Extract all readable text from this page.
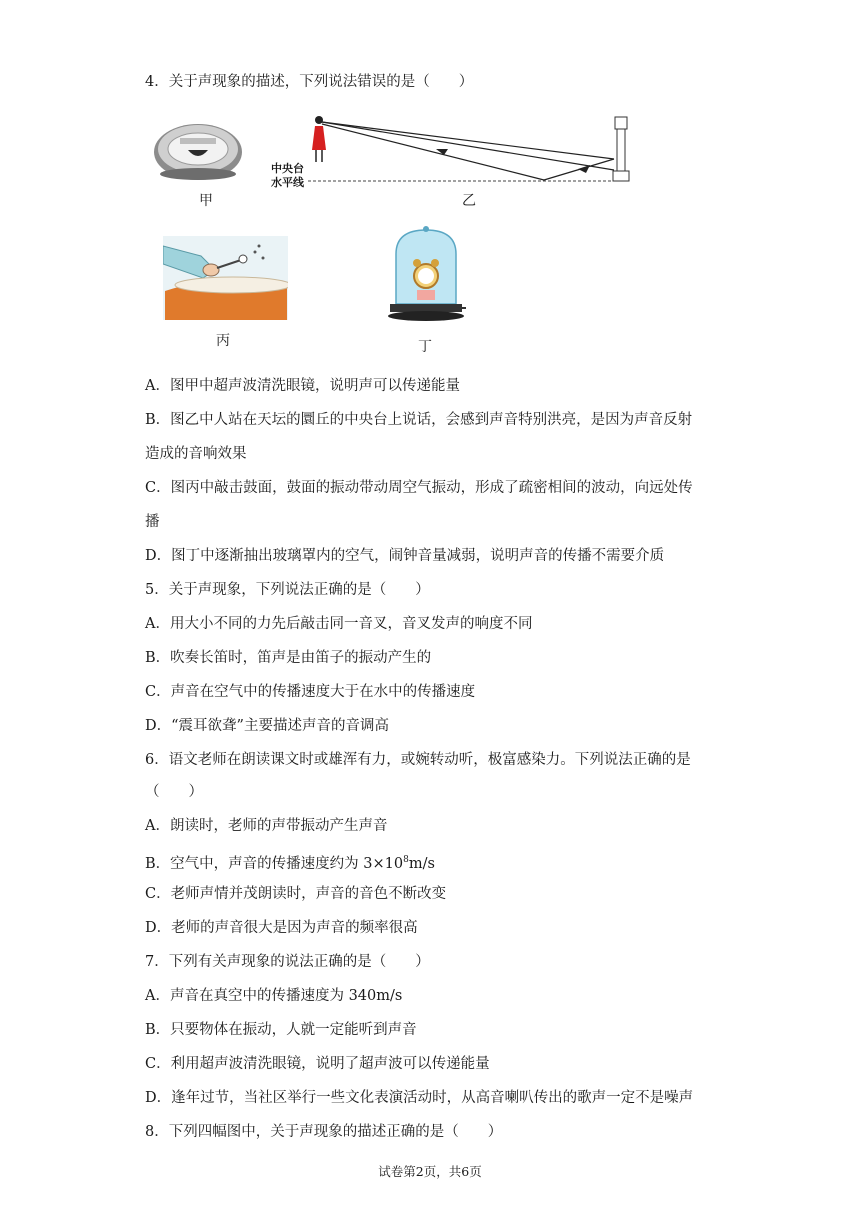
4．关于声现象的描述，下列说法错误的是（　　）
甲
中央台
水平线
乙
丙	丁
A．图甲中超声波清洗眼镜，说明声可以传递能量
B．图乙中人站在天坛的圜丘的中央台上说话，会感到声音特别洪亮，是因为声音反射
造成的音响效果
C．图丙中敲击鼓面，鼓面的振动带动周空气振动，形成了疏密相间的波动，向远处传
播
D．图丁中逐渐抽出玻璃罩内的空气，闹钟音量减弱，说明声音的传播不需要介质
5．关于声现象，下列说法正确的是（　　）
A．用大小不同的力先后敲击同一音叉，音叉发声的响度不同
B．吹奏长笛时，笛声是由笛子的振动产生的
C．声音在空气中的传播速度大于在水中的传播速度
D．“震耳欲聋”主要描述声音的音调高
6．语文老师在朗读课文时或雄浑有力，或婉转动听，极富感染力。下列说法正确的是
（　　）
A．朗读时，老师的声带振动产生声音
B．空气中，声音的传播速度约为 $3\times 10^8m/s$
C．老师声情并茂朗读时，声音的音色不断改变
D．老师的声音很大是因为声音的频率很高
7．下列有关声现象的说法正确的是（　　）
A．声音在真空中的传播速度为 340m/s
B．只要物体在振动，人就一定能听到声音
C．利用超声波清洗眼镜，说明了超声波可以传递能量
D．逢年过节，当社区举行一些文化表演活动时，从高音喇叭传出的歌声一定不是噪声
8．下列四幅图中，关于声现象的描述正确的是（　　）
试卷第2页，共6页
